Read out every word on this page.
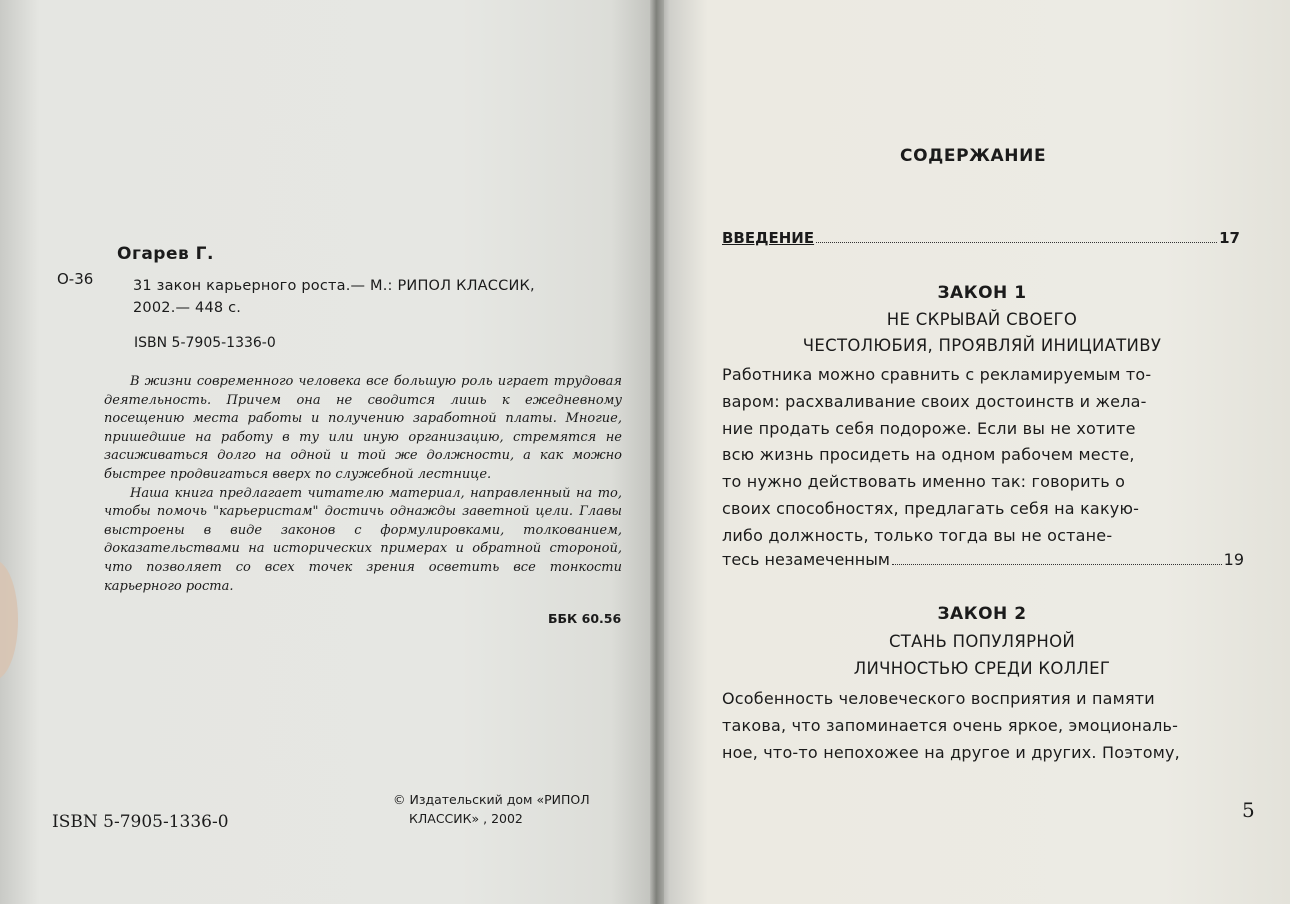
Огарев Г.
О-36	31 закон карьерного роста.— М.: РИПОЛ КЛАССИК,
2002.— 448 с.
ISBN 5-7905-1336-0

В жизни современного человека все большую роль играет трудовая деятельность. Причем она не сводится лишь к ежедневному посещению места работы и получению заработной платы. Многие, пришедшие на работу в ту или иную организацию, стремятся не засиживаться долго на одной и той же должности, а как можно быстрее продвигаться вверх по служебной лестнице.

Наша книга предлагает читателю материал, направленный на то, чтобы помочь "карьеристам" достичь однажды заветной цели. Главы выстроены в виде законов с формулировками, толкованием, доказательствами на исторических примерах и обратной стороной, что позволяет со всех точек зрения осветить все тонкости карьерного роста.

ББК 60.56
ISBN 5-7905-1336-0
© Издательский дом «РИПОЛ
КЛАССИК» , 2002
СОДЕРЖАНИЕ
ВВЕДЕНИЕ	17
ЗАКОН 1
НЕ СКРЫВАЙ СВОЕГО
ЧЕСТОЛЮБИЯ, ПРОЯВЛЯЙ ИНИЦИАТИВУ
Работника можно сравнить с рекламируемым то-
варом: расхваливание своих достоинств и жела-
ние продать себя подороже. Если вы не хотите
всю жизнь просидеть на одном рабочем месте,
то нужно действовать именно так: говорить о
своих способностях, предлагать себя на какую-
либо должность, только тогда вы не останe-
тесь незамеченным	19
ЗАКОН 2
СТАНЬ ПОПУЛЯРНОЙ
ЛИЧНОСТЬЮ СРЕДИ КОЛЛЕГ
Особенность человеческого восприятия и памяти
такова, что запоминается очень яркое, эмоциональ-
ное, что-то непохожее на другое и других. Поэтому,
5
